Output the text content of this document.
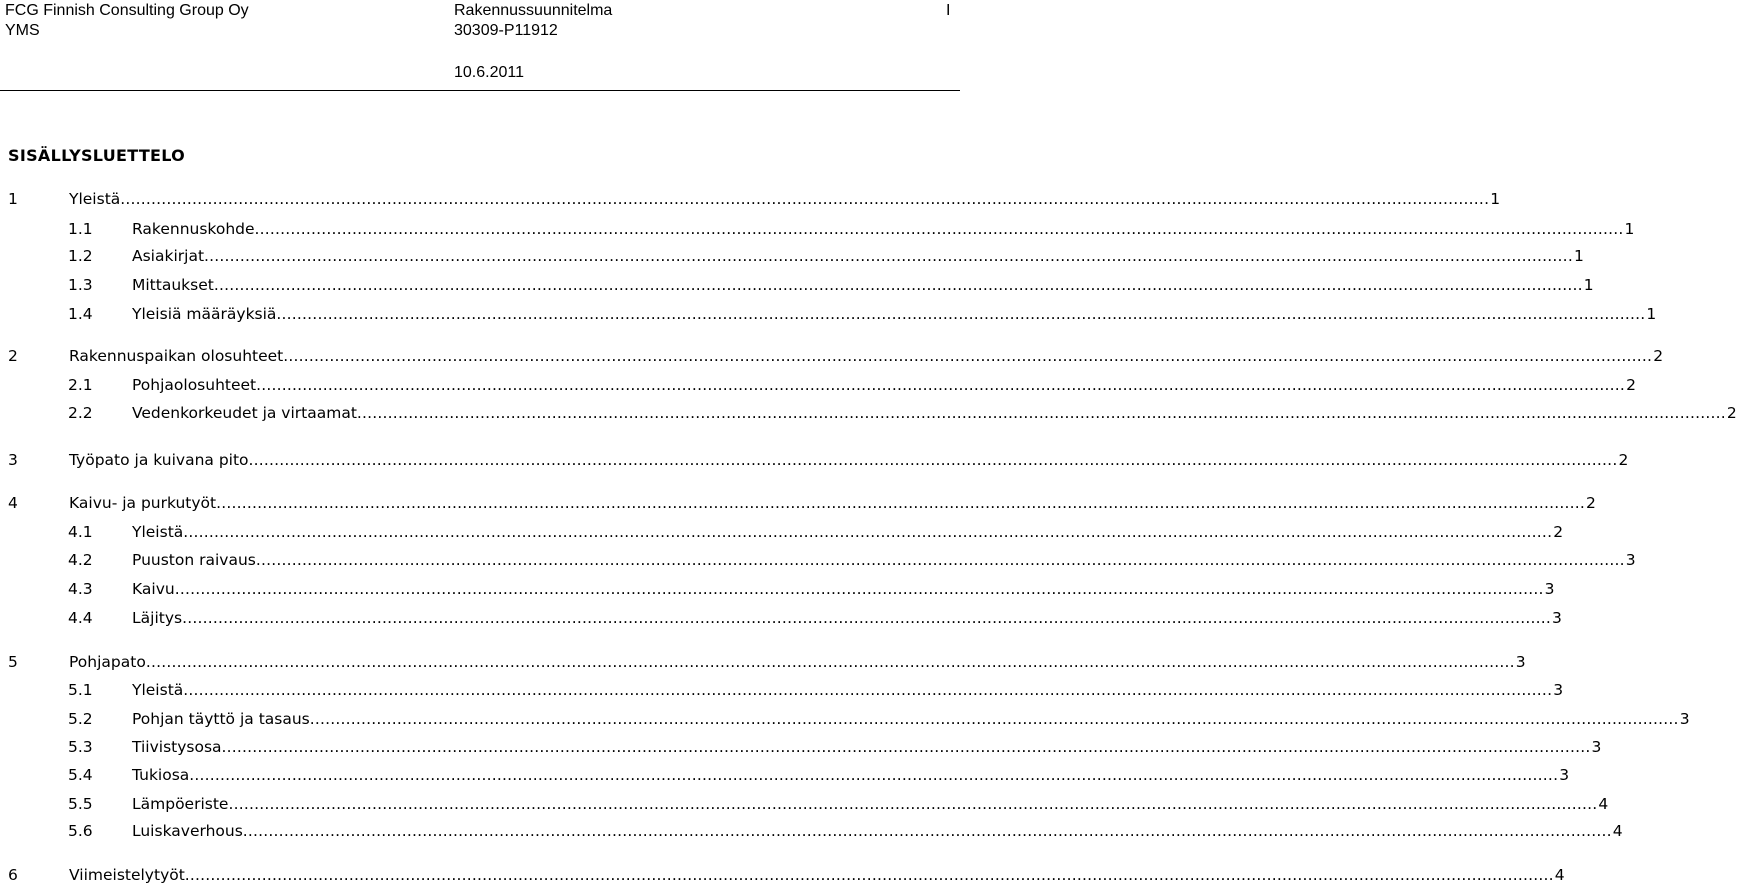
FCG Finnish Consulting Group Oy
YMS
Rakennussuunnitelma
30309-P11912
I
10.6.2011
SISÄLLYSLUETTELO
1	Yleistä ........................................................................................................................................................................................................................................................................... 1
1.1	Rakennuskohde ........................................................................................................................................................................................................................................................................... 1
1.2	Asiakirjat ........................................................................................................................................................................................................................................................................... 1
1.3	Mittaukset ........................................................................................................................................................................................................................................................................... 1
1.4	Yleisiä määräyksiä ........................................................................................................................................................................................................................................................................... 1
2	Rakennuspaikan olosuhteet ........................................................................................................................................................................................................................................................................... 2
2.1	Pohjaolosuhteet ........................................................................................................................................................................................................................................................................... 2
2.2	Vedenkorkeudet ja virtaamat ........................................................................................................................................................................................................................................................................... 2
3	Työpato ja kuivana pito ........................................................................................................................................................................................................................................................................... 2
4	Kaivu- ja purkutyöt ........................................................................................................................................................................................................................................................................... 2
4.1	Yleistä ........................................................................................................................................................................................................................................................................... 2
4.2	Puuston raivaus ........................................................................................................................................................................................................................................................................... 3
4.3	Kaivu ........................................................................................................................................................................................................................................................................... 3
4.4	Läjitys ........................................................................................................................................................................................................................................................................... 3
5	Pohjapato ........................................................................................................................................................................................................................................................................... 3
5.1	Yleistä ........................................................................................................................................................................................................................................................................... 3
5.2	Pohjan täyttö ja tasaus ........................................................................................................................................................................................................................................................................... 3
5.3	Tiivistysosa ........................................................................................................................................................................................................................................................................... 3
5.4	Tukiosa ........................................................................................................................................................................................................................................................................... 3
5.5	Lämpöeriste ........................................................................................................................................................................................................................................................................... 4
5.6	Luiskaverhous ........................................................................................................................................................................................................................................................................... 4
6	Viimeistelytyöt ........................................................................................................................................................................................................................................................................... 4
